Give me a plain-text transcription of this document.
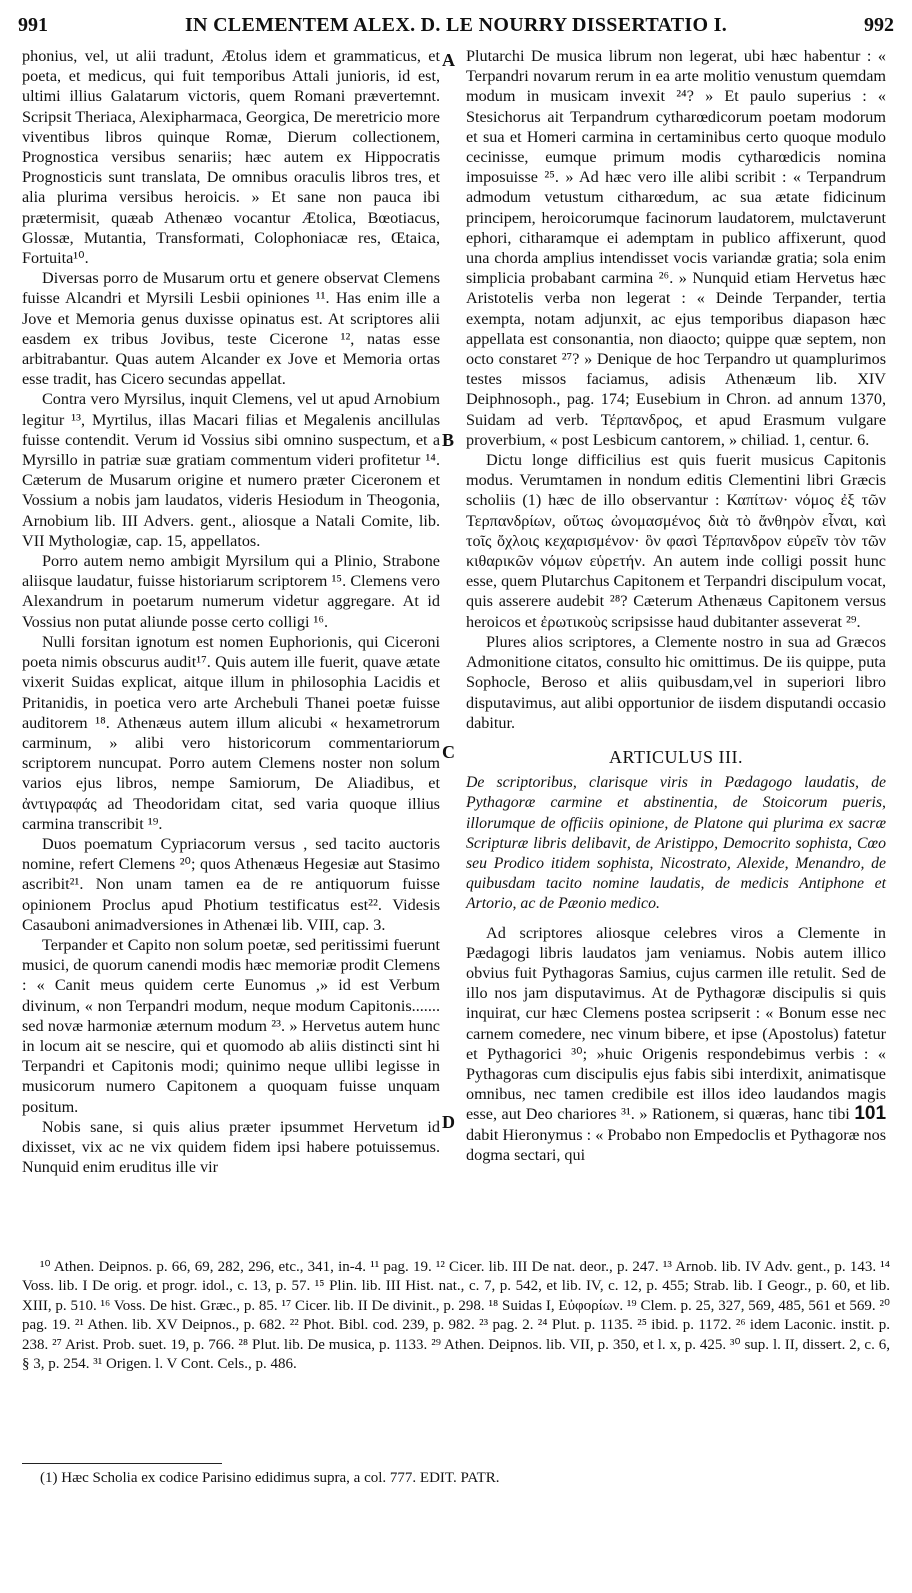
991	IN CLEMENTEM ALEX. D. LE NOURRY DISSERTATIO I.	992
A
B
C
D

phonius, vel, ut alii tradunt, Ætolus idem et grammaticus, et poeta, et medicus, qui fuit temporibus Attali junioris, id est, ultimi illius Galatarum victoris, quem Romani prævertemnt. Scripsit Theriaca, Alexipharmaca, Georgica, De meretricio more viventibus libros quinque Romæ, Dierum collectionem, Prognostica versibus senariis; hæc autem ex Hippocratis Prognosticis sunt translata, De omnibus oraculis libros tres, et alia plurima versibus heroicis. » Et sane non pauca ibi prætermisit, quæab Athenæo vocantur Ætolica, Bœotiacus, Glossæ, Mutantia, Transformati, Colophoniacæ res, Œtaica, Fortuita¹⁰.

Diversas porro de Musarum ortu et genere observat Clemens fuisse Alcandri et Myrsili Lesbii opiniones ¹¹. Has enim ille a Jove et Memoria genus duxisse opinatus est. At scriptores alii easdem ex tribus Jovibus, teste Cicerone ¹², natas esse arbitrabantur. Quas autem Alcander ex Jove et Memoria ortas esse tradit, has Cicero secundas appellat.

Contra vero Myrsilus, inquit Clemens, vel ut apud Arnobium legitur ¹³, Myrtilus, illas Macari filias et Megalenis ancillulas fuisse contendit. Verum id Vossius sibi omnino suspectum, et a Myrsillo in patriæ suæ gratiam commentum videri profitetur ¹⁴. Cæterum de Musarum origine et numero præter Ciceronem et Vossium a nobis jam laudatos, videris Hesiodum in Theogonia, Arnobium lib. III Advers. gent., aliosque a Natali Comite, lib. VII Mythologiæ, cap. 15, appellatos.

Porro autem nemo ambigit Myrsilum qui a Plinio, Strabone aliisque laudatur, fuisse historiarum scriptorem ¹⁵. Clemens vero Alexandrum in poetarum numerum videtur aggregare. At id Vossius non putat aliunde posse certo colligi ¹⁶.

Nulli forsitan ignotum est nomen Euphorionis, qui Ciceroni poeta nimis obscurus audit¹⁷. Quis autem ille fuerit, quave ætate vixerit Suidas explicat, aitque illum in philosophia Lacidis et Pritanidis, in poetica vero arte Archebuli Thanei poetæ fuisse auditorem ¹⁸. Athenæus autem illum alicubi « hexametrorum carminum, » alibi vero historicorum commentariorum scriptorem nuncupat. Porro autem Clemens noster non solum varios ejus libros, nempe Samiorum, De Aliadibus, et ἀντιγραφάς ad Theodoridam citat, sed varia quoque illius carmina transcribit ¹⁹.

Duos poematum Cypriacorum versus , sed tacito auctoris nomine, refert Clemens ²⁰; quos Athenæus Hegesiæ aut Stasimo ascribit²¹. Non unam tamen ea de re antiquorum fuisse opinionem Proclus apud Photium testificatus est²². Videsis Casauboni animadversiones in Athenæi lib. VIII, cap. 3.

Terpander et Capito non solum poetæ, sed peritissimi fuerunt musici, de quorum canendi modis hæc memoriæ prodit Clemens : « Canit meus quidem certe Eunomus ,» id est Verbum divinum, « non Terpandri modum, neque modum Capitonis....... sed novæ harmoniæ æternum modum ²³. » Hervetus autem hunc in locum ait se nescire, qui et quomodo ab aliis distincti sint hi Terpandri et Capitonis modi; quinimo neque ullibi legisse in musicorum numero Capitonem a quoquam fuisse unquam positum.

Nobis sane, si quis alius præter ipsummet Hervetum id dixisset, vix ac ne vix quidem fidem ipsi habere potuissemus. Nunquid enim eruditus ille vir

Plutarchi De musica librum non legerat, ubi hæc habentur : « Terpandri novarum rerum in ea arte molitio venustum quemdam modum in musicam invexit ²⁴? » Et paulo superius : « Stesichorus ait Terpandrum cytharœdicorum poetam modorum et sua et Homeri carmina in certaminibus certo quoque modulo cecinisse, eumque primum modis cytharœdicis nomina imposuisse ²⁵. » Ad hæc vero ille alibi scribit : « Terpandrum admodum vetustum citharœdum, ac sua ætate fidicinum principem, heroicorumque facinorum laudatorem, mulctaverunt ephori, citharamque ei ademptam in publico affixerunt, quod una chorda amplius intendisset vocis variandæ gratia; sola enim simplicia probabant carmina ²⁶. » Nunquid etiam Hervetus hæc Aristotelis verba non legerat : « Deinde Terpander, tertia exempta, notam adjunxit, ac ejus temporibus diapason hæc appellata est consonantia, non diaocto; quippe quæ septem, non octo constaret ²⁷? » Denique de hoc Terpandro ut quamplurimos testes missos faciamus, adisis Athenæum lib. XIV Deiphnosoph., pag. 174; Eusebium in Chron. ad annum 1370, Suidam ad verb. Τέρπανδρος, et apud Erasmum vulgare proverbium, « post Lesbicum cantorem, » chiliad. 1, centur. 6.

Dictu longe difficilius est quis fuerit musicus Capitonis modus. Verumtamen in nondum editis Clementini libri Græcis scholiis (1) hæc de illo observantur : Καπίτων· νόμος ἐξ τῶν Τερπανδρίων, οὕτως ὠνομασμένος διὰ τὸ ἄνθηρὸν εἶναι, καὶ τοῖς ὄχλοις κεχαρισμένον· ὃν φασὶ Τέρπανδρον εὑρεῖν τὸν τῶν κιθαρικῶν νόμων εὑρετήν. An autem inde colligi possit hunc esse, quem Plutarchus Capitonem et Terpandri discipulum vocat, quis asserere audebit ²⁸? Cæterum Athenæus Capitonem versus heroicos et ἐρωτικοὺς scripsisse haud dubitanter asseverat ²⁹.

Plures alios scriptores, a Clemente nostro in sua ad Græcos Admonitione citatos, consulto hic omittimus. De iis quippe, puta Sophocle, Beroso et aliis quibusdam,vel in superiori libro disputavimus, aut alibi opportunior de iisdem disputandi occasio dabitur.

ARTICULUS III.

De scriptoribus, clarisque viris in Pædagogo laudatis, de Pythagoræ carmine et abstinentia, de Stoicorum pueris, illorumque de officiis opinione, de Platone qui plurima ex sacræ Scripturæ libris delibavit, de Aristippo, Democrito sophista, Cœo seu Prodico itidem sophista, Nicostrato, Alexide, Menandro, de quibusdam tacito nomine laudatis, de medicis Antiphone et Artorio, ac de Pæonio medico.

Ad scriptores aliosque celebres viros a Clemente in Pædagogi libris laudatos jam veniamus. Nobis autem illico obvius fuit Pythagoras Samius, cujus carmen ille retulit. Sed de illo nos jam disputavimus. At de Pythagoræ discipulis si quis inquirat, cur hæc Clemens postea scripserit : « Bonum esse nec carnem comedere, nec vinum bibere, et ipse (Apostolus) fatetur et Pythagorici ³⁰; »huic Origenis respondebimus verbis : « Pythagoras cum discipulis ejus fabis sibi interdixit, animatisque omnibus, nec tamen credibile est illos ideo laudandos magis esse, aut Deo chariores ³¹. » Rationem, si quæras, hanc tibi 101 dabit Hieronymus : « Probabo non Empedoclis et Pythagoræ nos dogma sectari, qui

¹⁰ Athen. Deipnos. p. 66, 69, 282, 296, etc., 341, in-4. ¹¹ pag. 19. ¹² Cicer. lib. III De nat. deor., p. 247. ¹³ Arnob. lib. IV Adv. gent., p. 143. ¹⁴ Voss. lib. I De orig. et progr. idol., c. 13, p. 57. ¹⁵ Plin. lib. III Hist. nat., c. 7, p. 542, et lib. IV, c. 12, p. 455; Strab. lib. I Geogr., p. 60, et lib. XIII, p. 510. ¹⁶ Voss. De hist. Græc., p. 85. ¹⁷ Cicer. lib. II De divinit., p. 298. ¹⁸ Suidas I, Εὐφορίων. ¹⁹ Clem. p. 25, 327, 569, 485, 561 et 569. ²⁰ pag. 19. ²¹ Athen. lib. XV Deipnos., p. 682. ²² Phot. Bibl. cod. 239, p. 982. ²³ pag. 2. ²⁴ Plut. p. 1135. ²⁵ ibid. p. 1172. ²⁶ idem Laconic. instit. p. 238. ²⁷ Arist. Prob. suet. 19, p. 766. ²⁸ Plut. lib. De musica, p. 1133. ²⁹ Athen. Deipnos. lib. VII, p. 350, et l. x, p. 425. ³⁰ sup. l. II, dissert. 2, c. 6, § 3, p. 254. ³¹ Origen. l. V Cont. Cels., p. 486.

(1) Hæc Scholia ex codice Parisino edidimus supra, a col. 777. EDIT. PATR.
